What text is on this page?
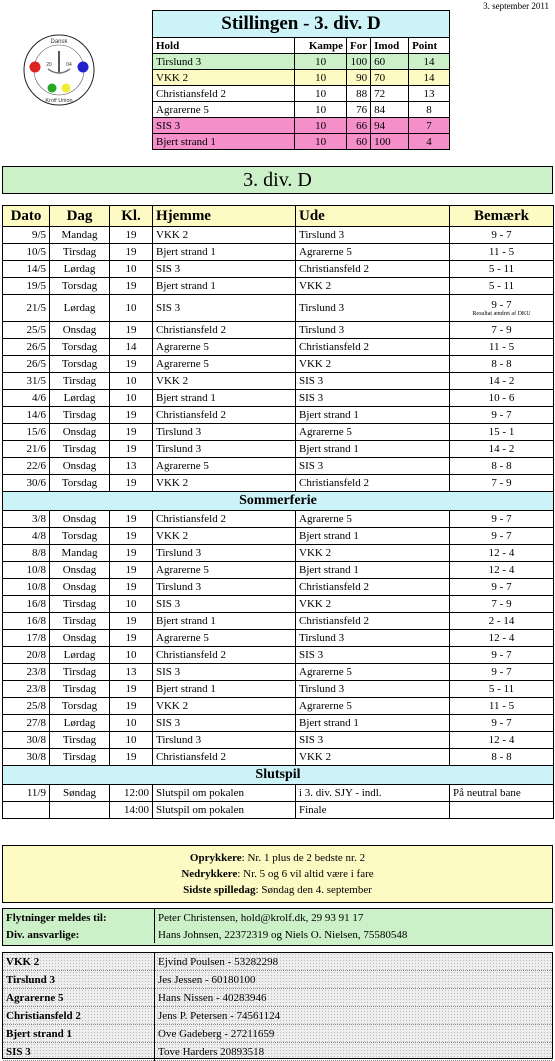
3. september 2011
Dansk
Krolf Union
20	04
Stillingen - 3. div. D				
Hold	Kampe	For	Imod	Point
Tirslund 3	10	100	60	14
VKK 2	10	90	70	14
Christiansfeld 2	10	88	72	13
Agrarerne 5	10	76	84	8
SIS 3	10	66	94	7
Bjert strand 1	10	60	100	4
3. div. D
Dato	Dag	Kl.	Hjemme	Ude	Bemærk
9/5	Mandag	19	VKK 2	Tirslund 3	9 - 7
10/5	Tirsdag	19	Bjert strand 1	Agrarerne 5	11 - 5
14/5	Lørdag	10	SIS 3	Christiansfeld 2	5 - 11
19/5	Torsdag	19	Bjert strand 1	VKK 2	5 - 11
21/5	Lørdag	10	SIS 3	Tirslund 3	9 - 7
Resultat ændret af DKU

25/5	Onsdag	19	Christiansfeld 2	Tirslund 3	7 - 9
26/5	Torsdag	14	Agrarerne 5	Christiansfeld 2	11 - 5
26/5	Torsdag	19	Agrarerne 5	VKK 2	8 - 8
31/5	Tirsdag	10	VKK 2	SIS 3	14 - 2
4/6	Lørdag	10	Bjert strand 1	SIS 3	10 - 6
14/6	Tirsdag	19	Christiansfeld 2	Bjert strand 1	9 - 7
15/6	Onsdag	19	Tirslund 3	Agrarerne 5	15 - 1
21/6	Tirsdag	19	Tirslund 3	Bjert strand 1	14 - 2
22/6	Onsdag	13	Agrarerne 5	SIS 3	8 - 8
30/6	Torsdag	19	VKK 2	Christiansfeld 2	7 - 9
Sommerferie					
3/8	Onsdag	19	Christiansfeld 2	Agrarerne 5	9 - 7
4/8	Torsdag	19	VKK 2	Bjert strand 1	9 - 7
8/8	Mandag	19	Tirslund 3	VKK 2	12 - 4
10/8	Onsdag	19	Agrarerne 5	Bjert strand 1	12 - 4
10/8	Onsdag	19	Tirslund 3	Christiansfeld 2	9 - 7
16/8	Tirsdag	10	SIS 3	VKK 2	7 - 9
16/8	Tirsdag	19	Bjert strand 1	Christiansfeld 2	2 - 14
17/8	Onsdag	19	Agrarerne 5	Tirslund 3	12 - 4
20/8	Lørdag	10	Christiansfeld 2	SIS 3	9 - 7
23/8	Tirsdag	13	SIS 3	Agrarerne 5	9 - 7
23/8	Tirsdag	19	Bjert strand 1	Tirslund 3	5 - 11
25/8	Torsdag	19	VKK 2	Agrarerne 5	11 - 5
27/8	Lørdag	10	SIS 3	Bjert strand 1	9 - 7
30/8	Tirsdag	10	Tirslund 3	SIS 3	12 - 4
30/8	Tirsdag	19	Christiansfeld 2	VKK 2	8 - 8
Slutspil					
11/9	Søndag	12:00	Slutspil om pokalen	i 3. div. SJY - indl.	På neutral bane
		14:00	Slutspil om pokalen	Finale	
Oprykkere: Nr. 1 plus de 2 bedste nr. 2
Nedrykkere: Nr. 5 og 6 vil altid være i fare
Sidste spilledag: Søndag den 4. september
Flytninger meldes til:	Peter Christensen, hold@krolf.dk, 29 93 91 17
Div. ansvarlige:	Hans Johnsen, 22372319 og Niels O. Nielsen, 75580548
VKK 2	Ejvind Poulsen - 53282298
Tirslund 3	Jes Jessen - 60180100
Agrarerne 5	Hans Nissen - 40283946
Christiansfeld 2	Jens P. Petersen - 74561124
Bjert strand 1	Ove Gadeberg - 27211659
SIS 3	Tove Harders 20893518
